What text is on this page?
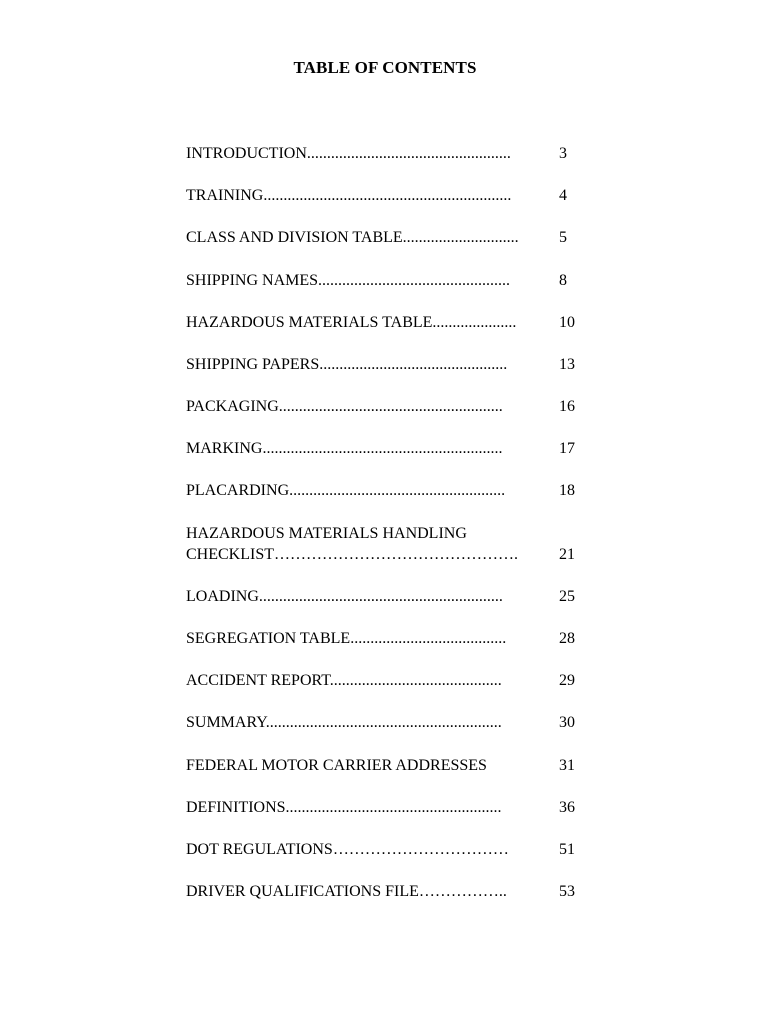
TABLE OF CONTENTS
INTRODUCTION...................................................	3
TRAINING..............................................................	4
CLASS AND DIVISION TABLE.............................	5
SHIPPING NAMES................................................	8
HAZARDOUS MATERIALS TABLE.....................	10
SHIPPING PAPERS...............................................	13
PACKAGING........................................................	16
MARKING............................................................	17
PLACARDING......................................................	18
HAZARDOUS MATERIALS HANDLING
CHECKLIST……………………………………….	21
LOADING.............................................................	25
SEGREGATION TABLE.......................................	28
ACCIDENT REPORT...........................................	29
SUMMARY...........................................................	30
FEDERAL MOTOR CARRIER ADDRESSES	31
DEFINITIONS......................................................	36
DOT REGULATIONS……………………………	51
DRIVER QUALIFICATIONS FILE……………..	53
